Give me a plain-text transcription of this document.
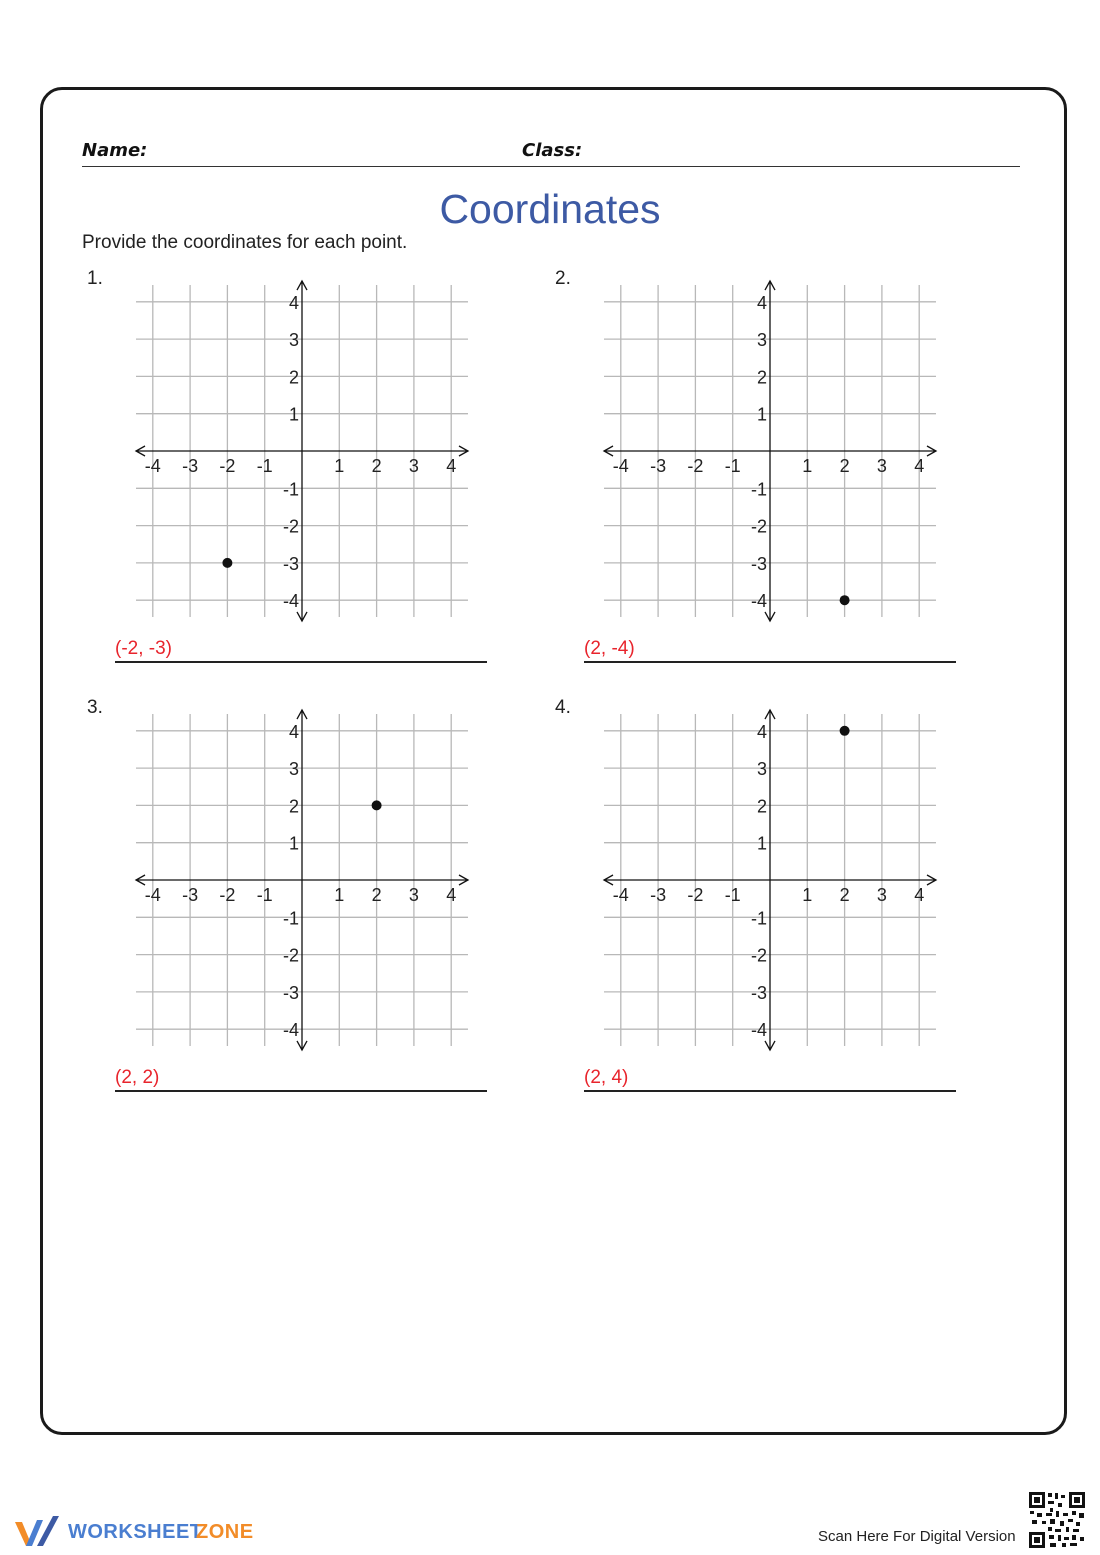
Name:	Class:
Coordinates
Provide the coordinates for each point.
1.
-4 -3 -2 -1	1 2 3 4
4
3
2
1
-1
-2
-3
-4
(-2, -3)
2.
-4 -3 -2 -1	1 2 3 4
4
3
2
1
-1
-2
-3
-4
(2, -4)
3.
-4 -3 -2 -1	1 2 3 4
4
3
2
1
-1
-2
-3
-4
(2, 2)
4.
-4 -3 -2 -1	1 2 3 4
4
3
2
1
-1
-2
-3
-4
(2, 4)
WORKSHEET
ZONE	Scan Here For Digital Version
